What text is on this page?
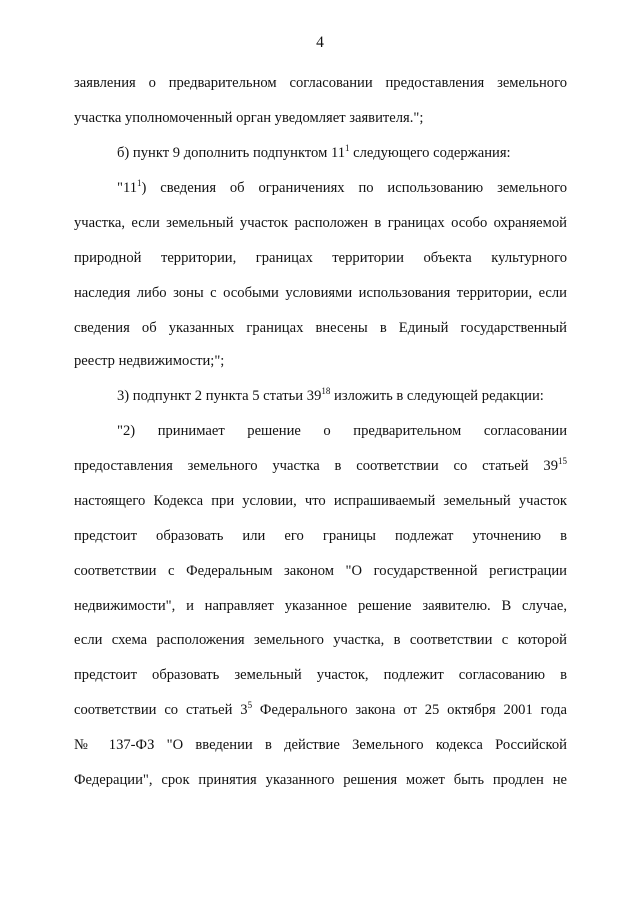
4
заявления о предварительном согласовании предоставления земельного
участка уполномоченный орган уведомляет заявителя.";
б) пункт 9 дополнить подпунктом $11^1$ следующего содержания:
"$11^1$) сведения об ограничениях по использованию земельного
участка, если земельный участок расположен в границах особо охраняемой
природной территории, границах территории объекта культурного
наследия либо зоны с особыми условиями использования территории, если
сведения об указанных границах внесены в Единый государственный
реестр недвижимости;";
3) подпункт 2 пункта 5 статьи $39^{18}$ изложить в следующей редакции:
"2) принимает решение о предварительном согласовании
предоставления земельного участка в соответствии со статьей $39^{15}$
настоящего Кодекса при условии, что испрашиваемый земельный участок
предстоит образовать или его границы подлежат уточнению в
соответствии с Федеральным законом "О государственной регистрации
недвижимости", и направляет указанное решение заявителю. В случае,
если схема расположения земельного участка, в соответствии с которой
предстоит образовать земельный участок, подлежит согласованию в
соответствии со статьей $3^5$ Федерального закона от 25 октября 2001 года
№ 137-ФЗ "О введении в действие Земельного кодекса Российской
Федерации", срок принятия указанного решения может быть продлен не
